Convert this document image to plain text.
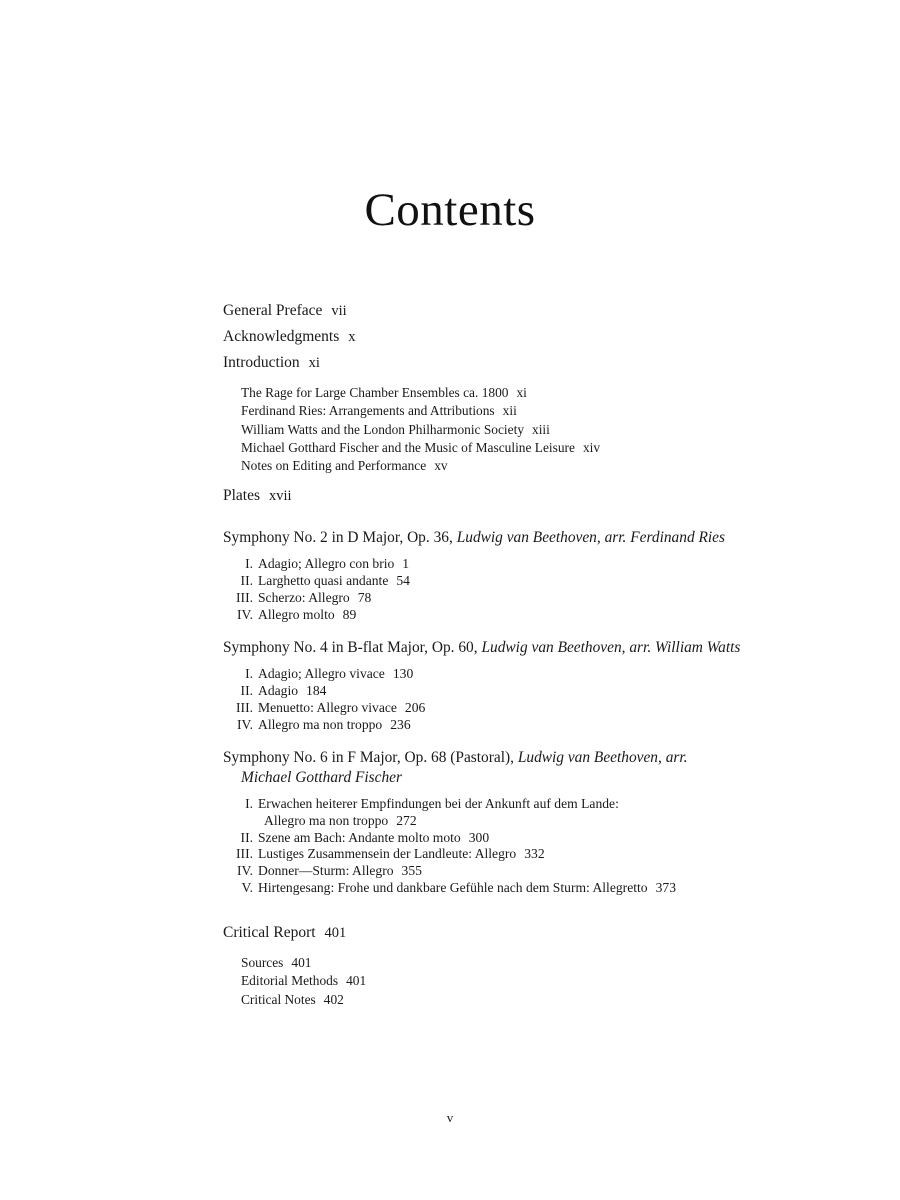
Contents

General Preface vii

Acknowledgments x

Introduction xi

The Rage for Large Chamber Ensembles ca. 1800 xi

Ferdinand Ries: Arrangements and Attributions xii

William Watts and the London Philharmonic Society xiii

Michael Gotthard Fischer and the Music of Masculine Leisure xiv

Notes on Editing and Performance xv

Plates xvii

Symphony No. 2 in D Major, Op. 36, Ludwig van Beethoven, arr. Ferdinand Ries

I. Adagio; Allegro con brio 1

II. Larghetto quasi andante 54

III. Scherzo: Allegro 78

IV. Allegro molto 89

Symphony No. 4 in B-flat Major, Op. 60, Ludwig van Beethoven, arr. William Watts

I. Adagio; Allegro vivace 130

II. Adagio 184

III. Menuetto: Allegro vivace 206

IV. Allegro ma non troppo 236

Symphony No. 6 in F Major, Op. 68 (Pastoral), Ludwig van Beethoven, arr.
Michael Gotthard Fischer

I. Erwachen heiterer Empfindungen bei der Ankunft auf dem Lande:
Allegro ma non troppo 272

II. Szene am Bach: Andante molto moto 300

III. Lustiges Zusammensein der Landleute: Allegro 332

IV. Donner—Sturm: Allegro 355

V. Hirtengesang: Frohe und dankbare Gefühle nach dem Sturm: Allegretto 373

Critical Report 401

Sources 401

Editorial Methods 401

Critical Notes 402

v
